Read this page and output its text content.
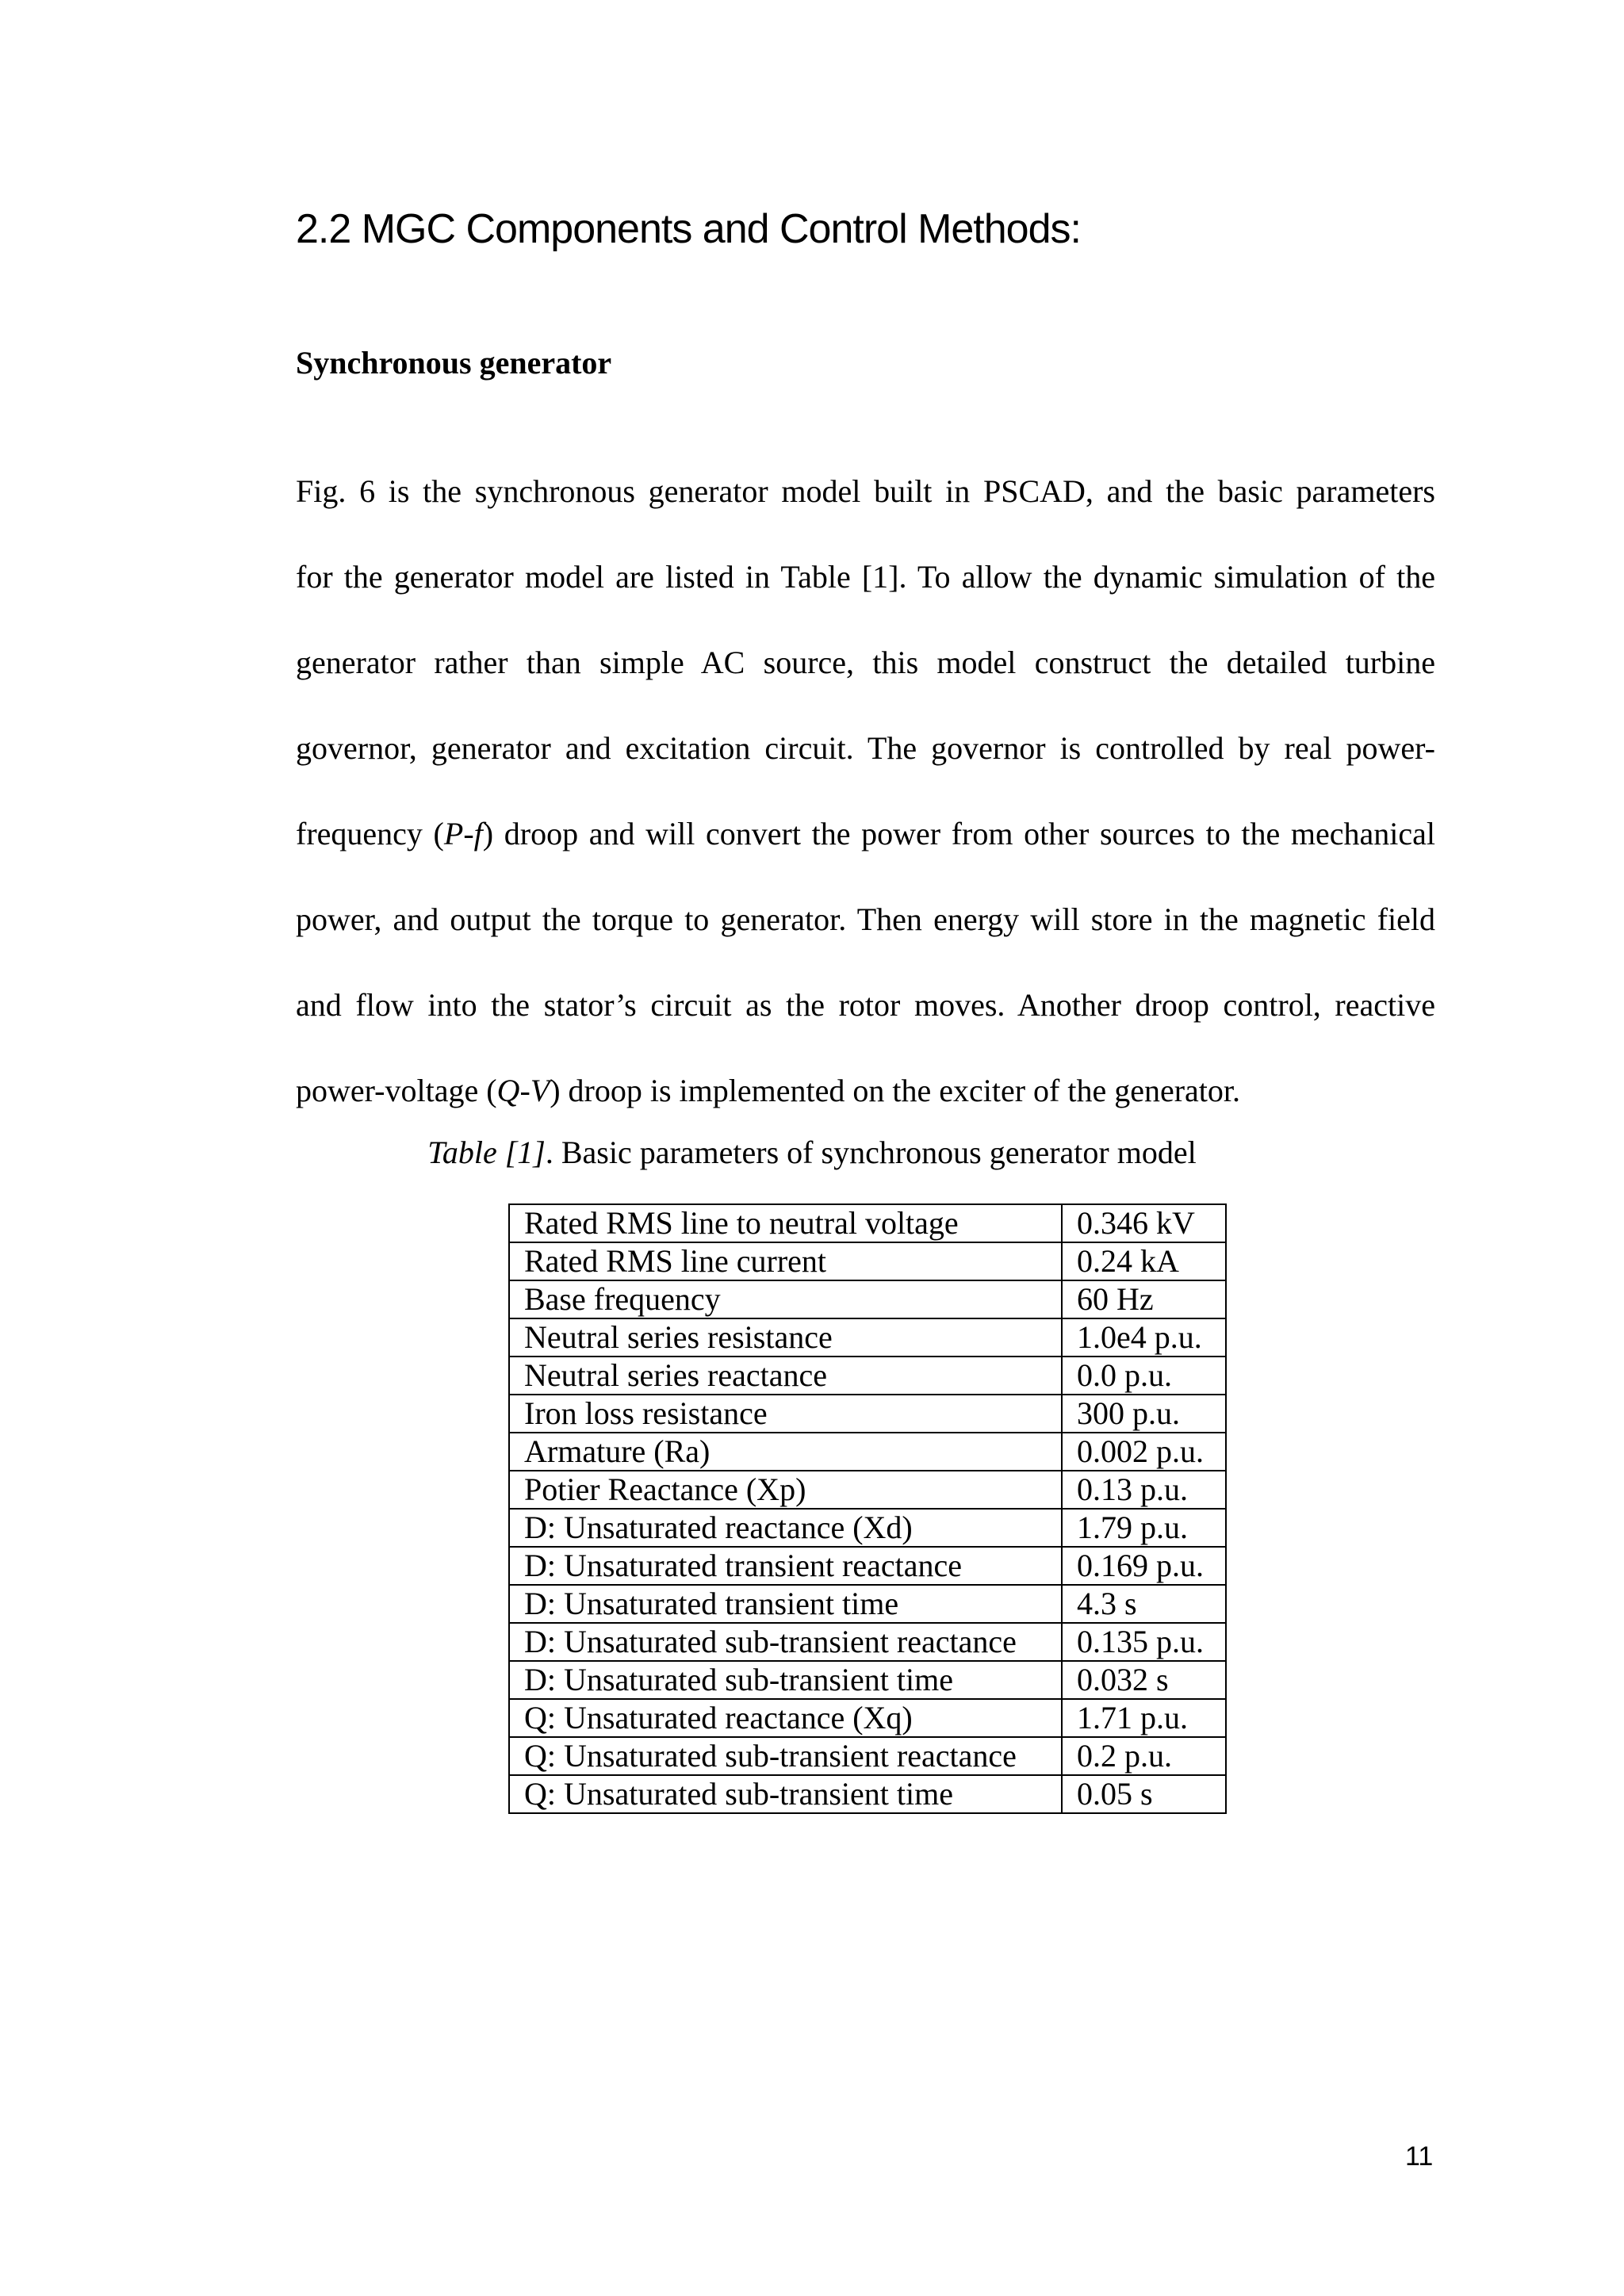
2.2 MGC Components and Control Methods:
Synchronous generator
Fig. 6 is the synchronous generator model built in PSCAD, and the basic parameters
for the generator model are listed in Table [1]. To allow the dynamic simulation of the
generator rather than simple AC source, this model construct the detailed turbine
governor, generator and excitation circuit. The governor is controlled by real power-
frequency (P-f) droop and will convert the power from other sources to the mechanical
power, and output the torque to generator. Then energy will store in the magnetic field
and flow into the stator’s circuit as the rotor moves. Another droop control, reactive
power-voltage (Q-V) droop is implemented on the exciter of the generator.
Table [1]. Basic parameters of synchronous generator model
Rated RMS line to neutral voltage	0.346 kV
Rated RMS line current	0.24 kA
Base frequency	60 Hz
Neutral series resistance	1.0e4 p.u.
Neutral series reactance	0.0 p.u.
Iron loss resistance	300 p.u.
Armature (Ra)	0.002 p.u.
Potier Reactance (Xp)	0.13 p.u.
D: Unsaturated reactance (Xd)	1.79 p.u.
D: Unsaturated transient reactance	0.169 p.u.
D: Unsaturated transient time	4.3 s
D: Unsaturated sub-transient reactance	0.135 p.u.
D: Unsaturated sub-transient time	0.032 s
Q: Unsaturated reactance (Xq)	1.71 p.u.
Q: Unsaturated sub-transient reactance	0.2 p.u.
Q: Unsaturated sub-transient time	0.05 s
11
